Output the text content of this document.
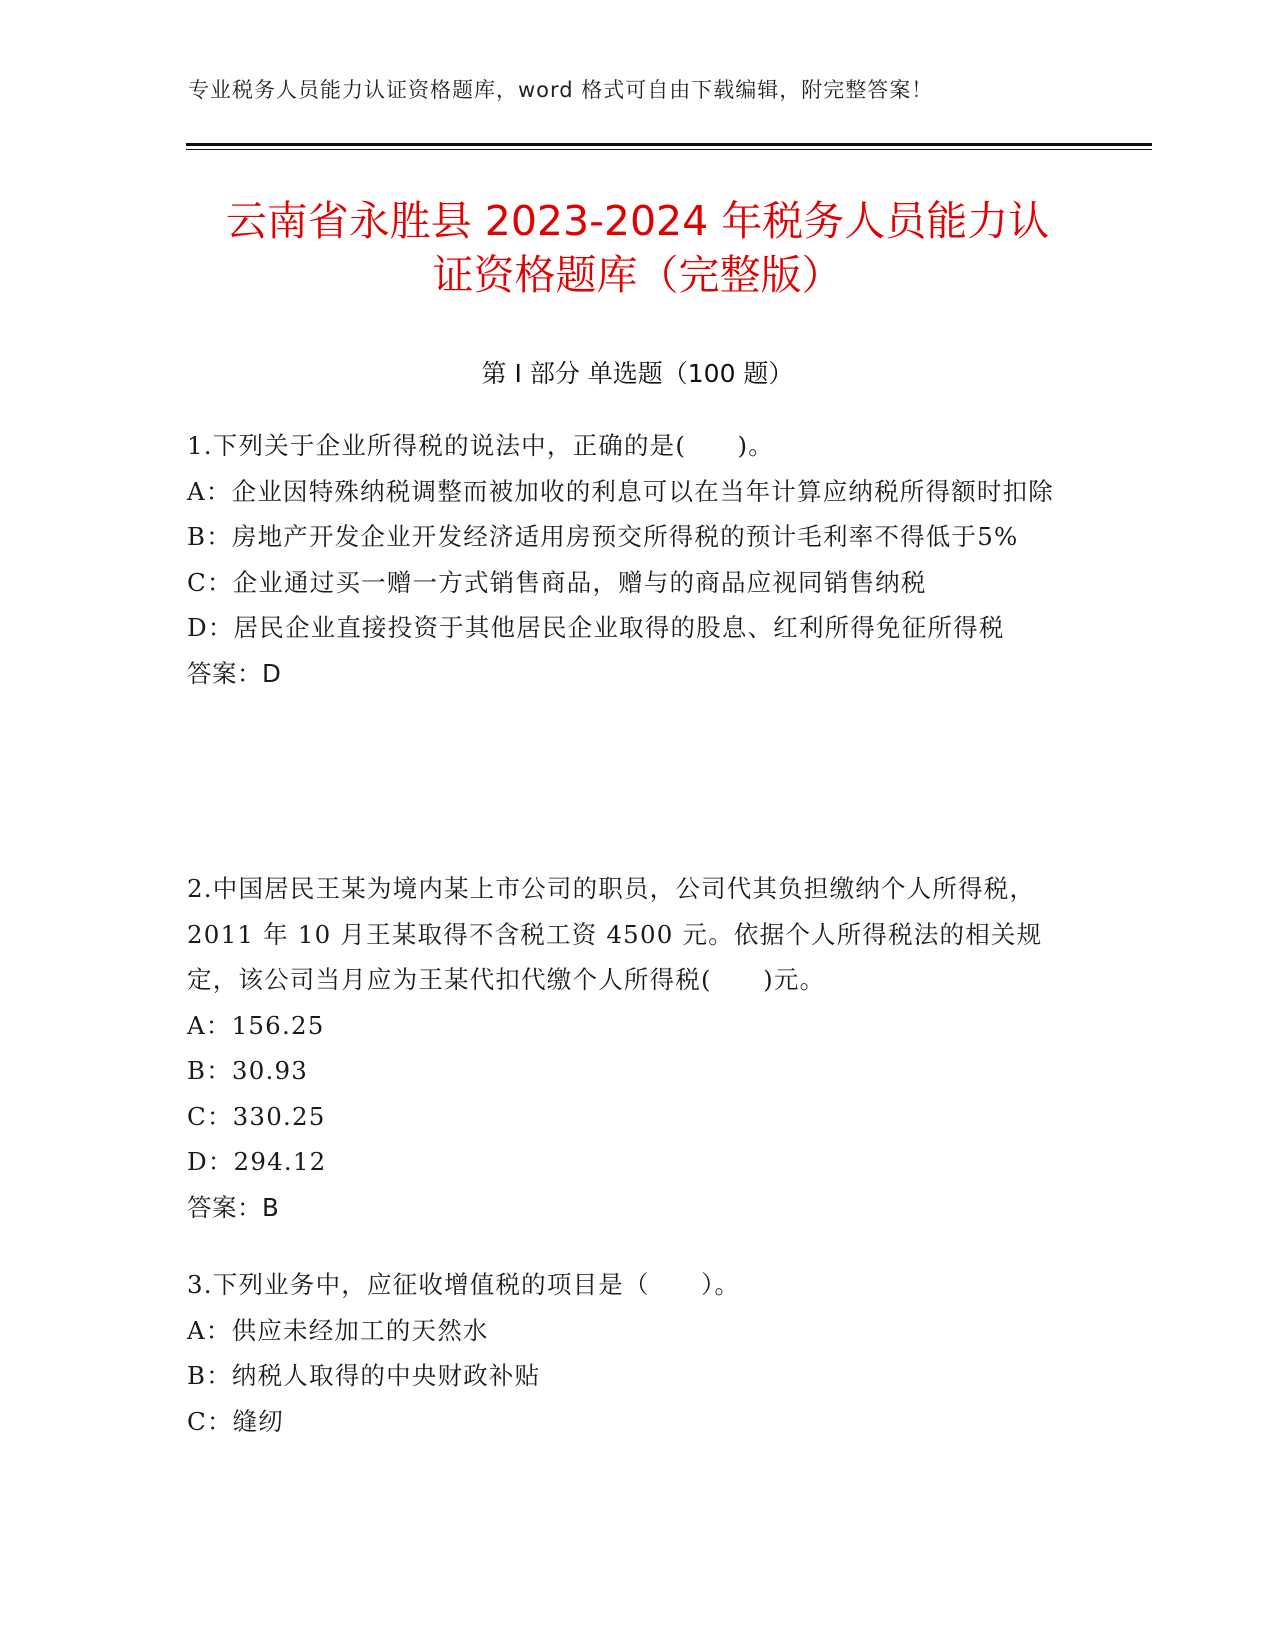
专业税务人员能力认证资格题库，word 格式可自由下载编辑，附完整答案！
云南省永胜县 2023-2024 年税务人员能力认
证资格题库（完整版）
第 I 部分 单选题（100 题）

1.下列关于企业所得税的说法中，正确的是(　　)。

A：企业因特殊纳税调整而被加收的利息可以在当年计算应纳税所得额时扣除

B：房地产开发企业开发经济适用房预交所得税的预计毛利率不得低于5%

C：企业通过买一赠一方式销售商品，赠与的商品应视同销售纳税

D：居民企业直接投资于其他居民企业取得的股息、红利所得免征所得税

答案：D

2.中国居民王某为境内某上市公司的职员，公司代其负担缴纳个人所得税，2011 年 10 月王某取得不含税工资 4500 元。依据个人所得税法的相关规定，该公司当月应为王某代扣代缴个人所得税(　　)元。

A：156.25

B：30.93

C：330.25

D：294.12

答案：B

3.下列业务中，应征收增值税的项目是（　　）。

A：供应未经加工的天然水

B：纳税人取得的中央财政补贴

C：缝纫
